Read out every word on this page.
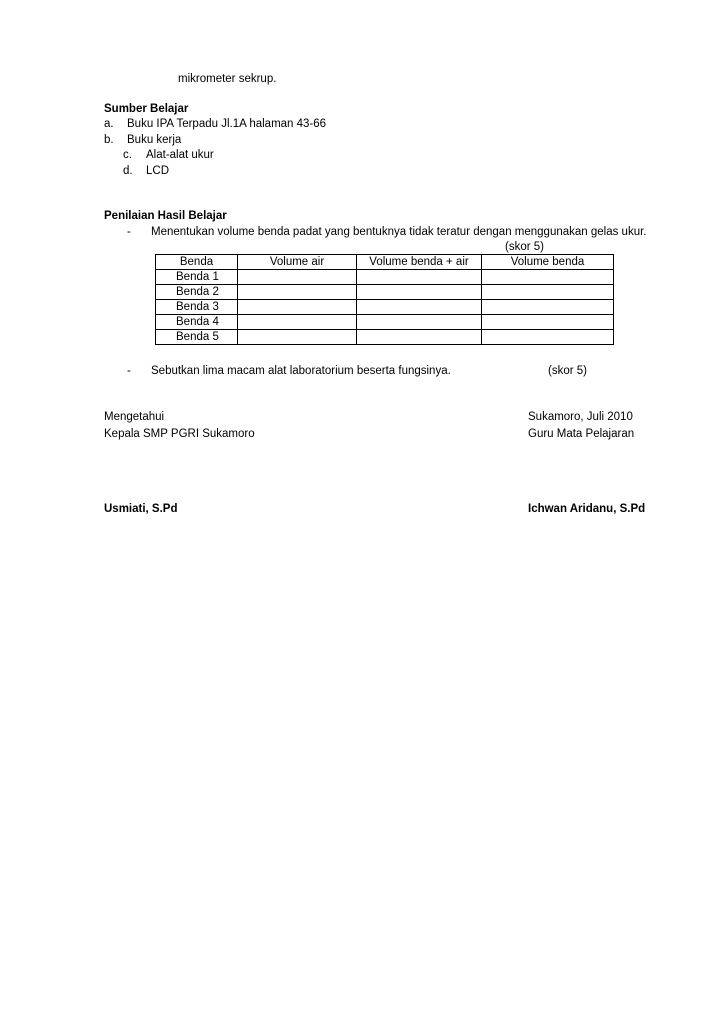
mikrometer sekrup.
Sumber Belajar
a. Buku IPA Terpadu Jl.1A halaman 43-66
b. Buku kerja
c. Alat-alat ukur
d. LCD
Penilaian Hasil Belajar
- Menentukan volume benda padat yang bentuknya tidak teratur dengan menggunakan gelas ukur.
(skor 5)
Benda	Volume air	Volume benda + air	Volume benda
Benda 1			
Benda 2			
Benda 3			
Benda 4			
Benda 5			
- Sebutkan lima macam alat laboratorium beserta fungsinya.	(skor 5)
Mengetahui
Kepala SMP PGRI Sukamoro
Usmiati, S.Pd
Sukamoro, Juli 2010
Guru Mata Pelajaran
Ichwan Aridanu, S.Pd
